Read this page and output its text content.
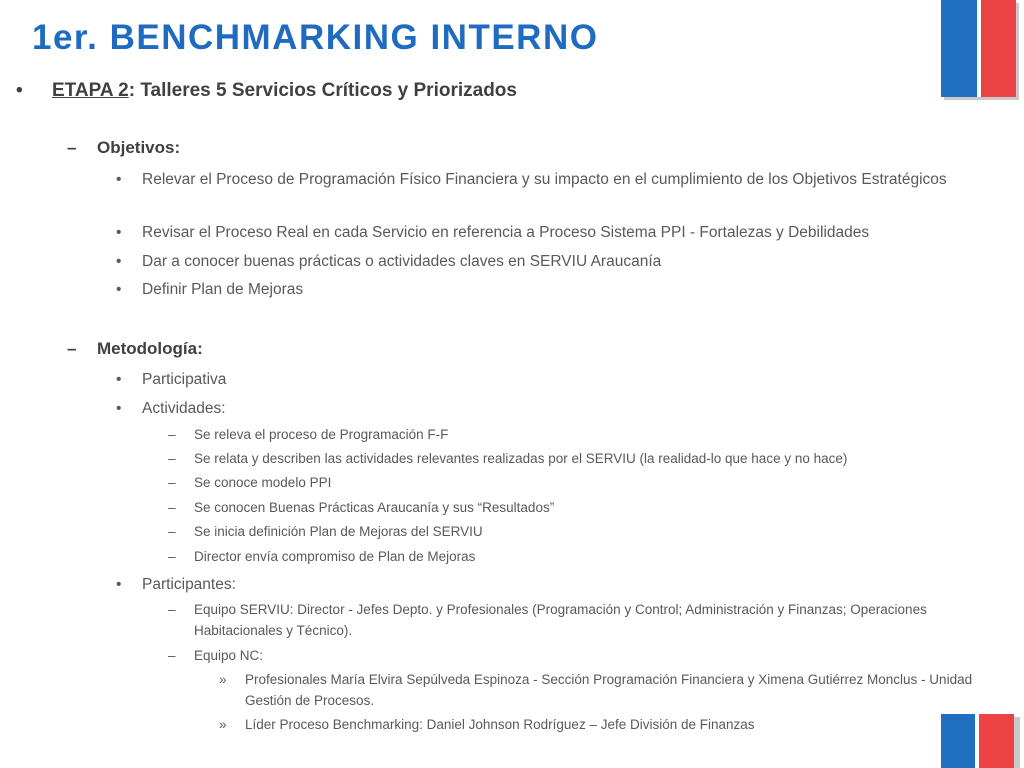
1er. BENCHMARKING INTERNO
• ETAPA 2: Talleres 5 Servicios Críticos y Priorizados
– Objetivos:
• Relevar el Proceso de Programación Físico Financiera y su impacto en el cumplimiento de los Objetivos Estratégicos
• Revisar el Proceso Real en cada Servicio en referencia a Proceso Sistema PPI - Fortalezas y Debilidades
• Dar a conocer buenas prácticas o actividades claves en SERVIU Araucanía
• Definir Plan de Mejoras
– Metodología:
• Participativa
• Actividades:
– Se releva el proceso de Programación F-F
– Se relata y describen las actividades relevantes realizadas por el SERVIU (la realidad-lo que hace y no hace)
– Se conoce modelo PPI
– Se conocen Buenas Prácticas Araucanía y sus “Resultados”
– Se inicia definición Plan de Mejoras del SERVIU
– Director envía compromiso de Plan de Mejoras
• Participantes:
– Equipo SERVIU: Director - Jefes Depto. y Profesionales (Programación y Control; Administración y Finanzas; Operaciones Habitacionales y Técnico).
– Equipo NC:
» Profesionales María Elvira Sepúlveda Espinoza - Sección Programación Financiera y Ximena Gutiérrez Monclus - Unidad Gestión de Procesos.
» Líder Proceso Benchmarking: Daniel Johnson Rodríguez – Jefe División de Finanzas
